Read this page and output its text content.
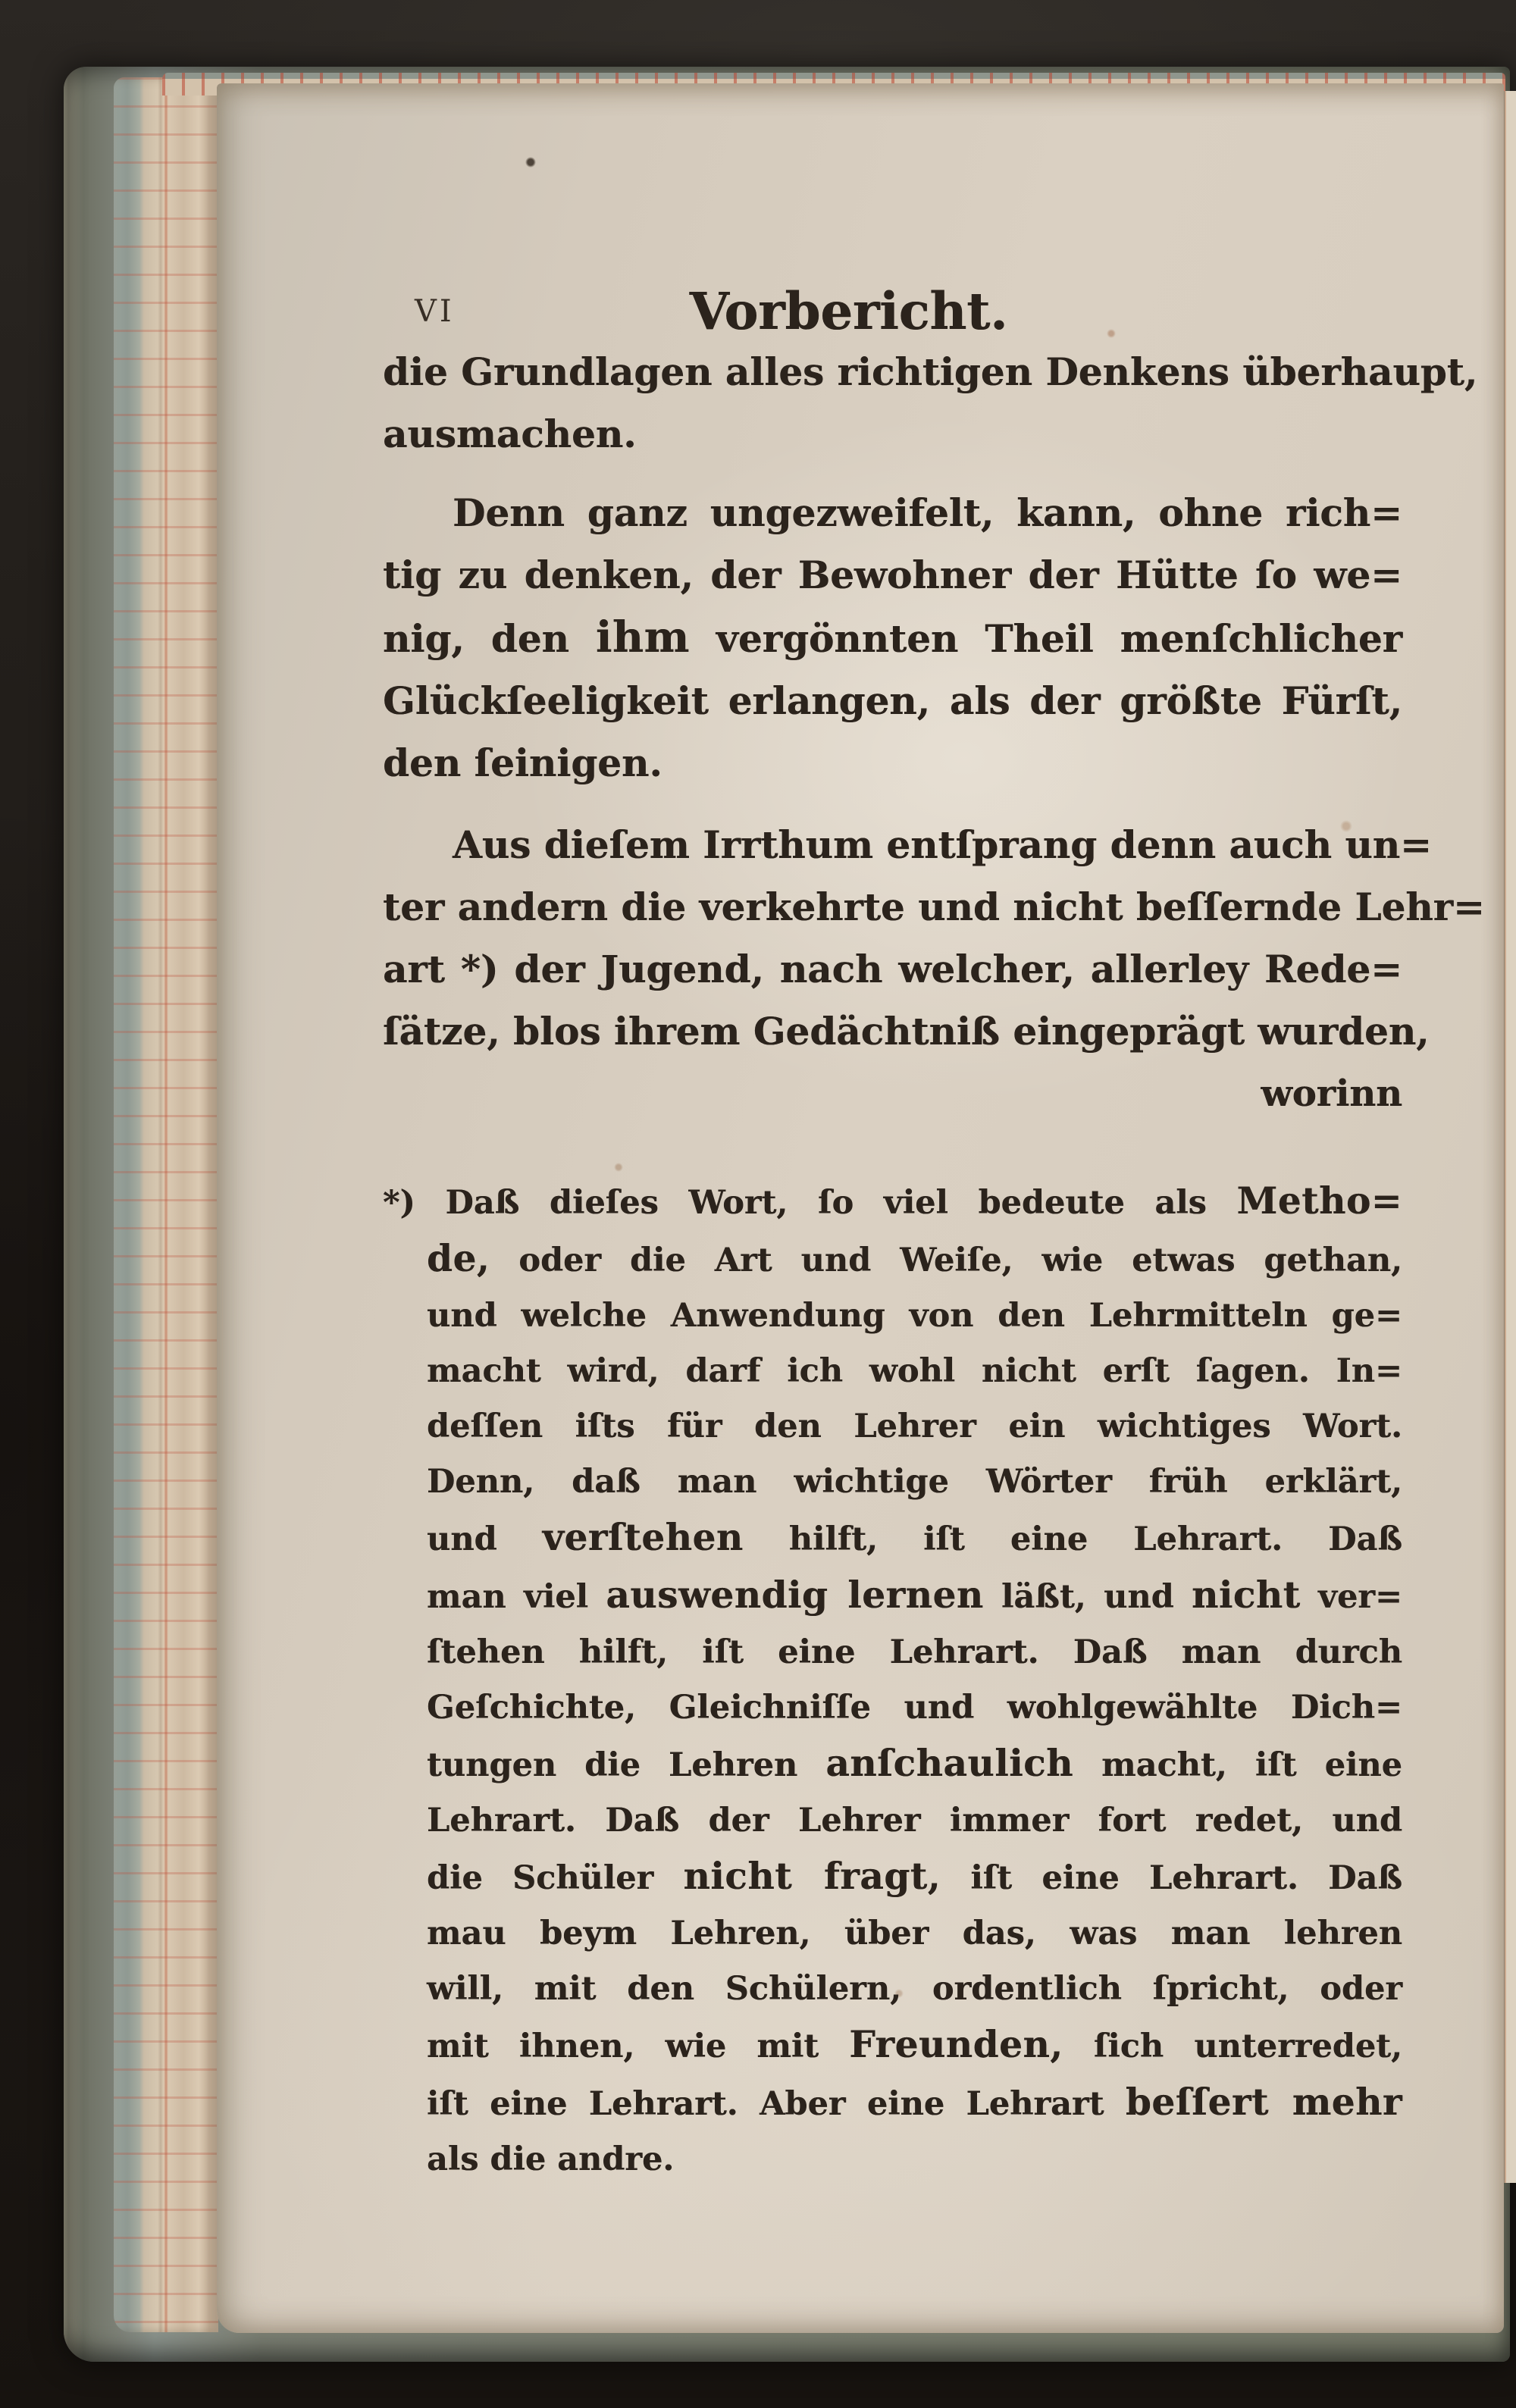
VI	Vorbericht.
die Grundlagen alles richtigen Denkens überhaupt,
ausmachen.
Denn ganz ungezweifelt, kann, ohne rich=
tig zu denken, der Bewohner der Hütte ſo we=
nig, den ihm vergönnten Theil menſchlicher
Glückſeeligkeit erlangen, als der größte Fürſt,
den ſeinigen.
Aus dieſem Irrthum entſprang denn auch un=
ter andern die verkehrte und nicht beſſernde Lehr=
art *) der Jugend, nach welcher, allerley Rede=
ſätze, blos ihrem Gedächtniß eingeprägt wurden,
worinn
*) Daß dieſes Wort, ſo viel bedeute als Metho=
de, oder die Art und Weiſe, wie etwas gethan,
und welche Anwendung von den Lehrmitteln ge=
macht wird, darf ich wohl nicht erſt ſagen. In=
deſſen iſts für den Lehrer ein wichtiges Wort.
Denn, daß man wichtige Wörter früh erklärt,
und verſtehen hilft, iſt eine Lehrart. Daß
man viel auswendig lernen läßt, und nicht ver=
ſtehen hilft, iſt eine Lehrart. Daß man durch
Geſchichte, Gleichniſſe und wohlgewählte Dich=
tungen die Lehren anſchaulich macht, iſt eine
Lehrart. Daß der Lehrer immer fort redet, und
die Schüler nicht fragt, iſt eine Lehrart. Daß
mau beym Lehren, über das, was man lehren
will, mit den Schülern, ordentlich ſpricht, oder
mit ihnen, wie mit Freunden, ſich unterredet,
iſt eine Lehrart. Aber eine Lehrart beſſert mehr
als die andre.
